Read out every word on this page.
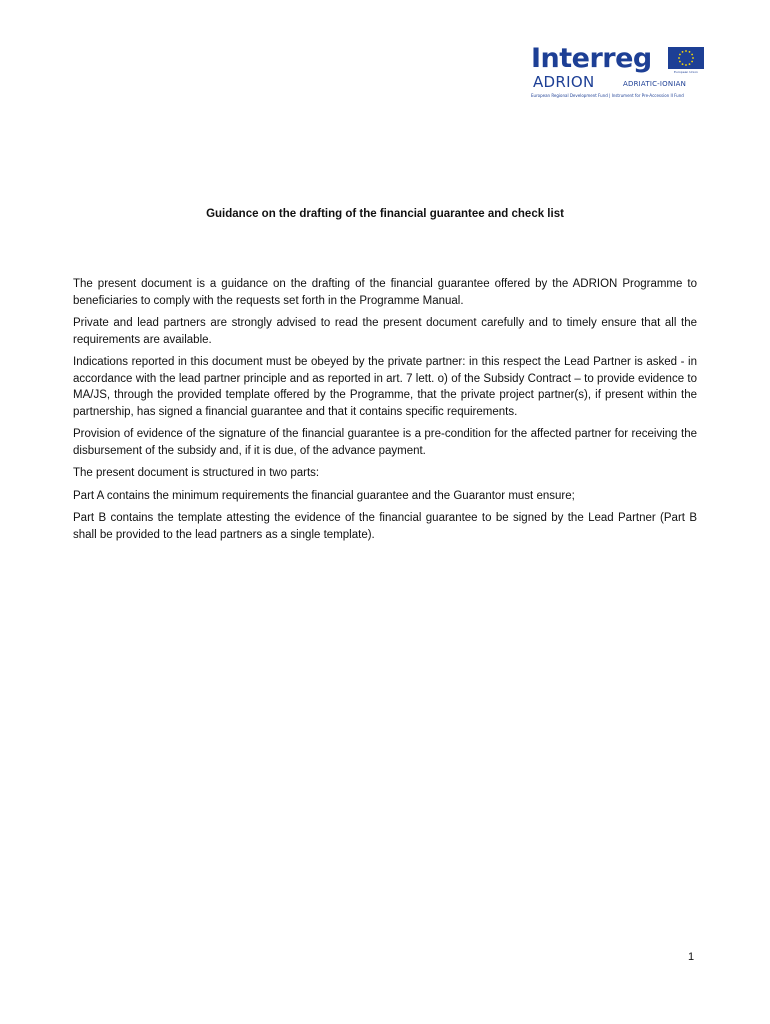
Interreg
ADRION	ADRIATIC-IONIAN
European Regional Development Fund | Instrument for Pre-Accession II Fund
European Union
Guidance on the drafting of the financial guarantee and check list

The present document is a guidance on the drafting of the financial guarantee offered by the ADRION Programme to beneficiaries to comply with the requests set forth in the Programme Manual.

Private and lead partners are strongly advised to read the present document carefully and to timely ensure that all the requirements are available.

Indications reported in this document must be obeyed by the private partner: in this respect the Lead Partner is asked - in accordance with the lead partner principle and as reported in art. 7 lett. o) of the Subsidy Contract – to provide evidence to MA/JS, through the provided template offered by the Programme, that the private project partner(s), if present within the partnership, has signed a financial guarantee and that it contains specific requirements.

Provision of evidence of the signature of the financial guarantee is a pre-condition for the affected partner for receiving the disbursement of the subsidy and, if it is due, of the advance payment.

The present document is structured in two parts:

Part A contains the minimum requirements the financial guarantee and the Guarantor must ensure;

Part B contains the template attesting the evidence of the financial guarantee to be signed by the Lead Partner (Part B shall be provided to the lead partners as a single template).

1
